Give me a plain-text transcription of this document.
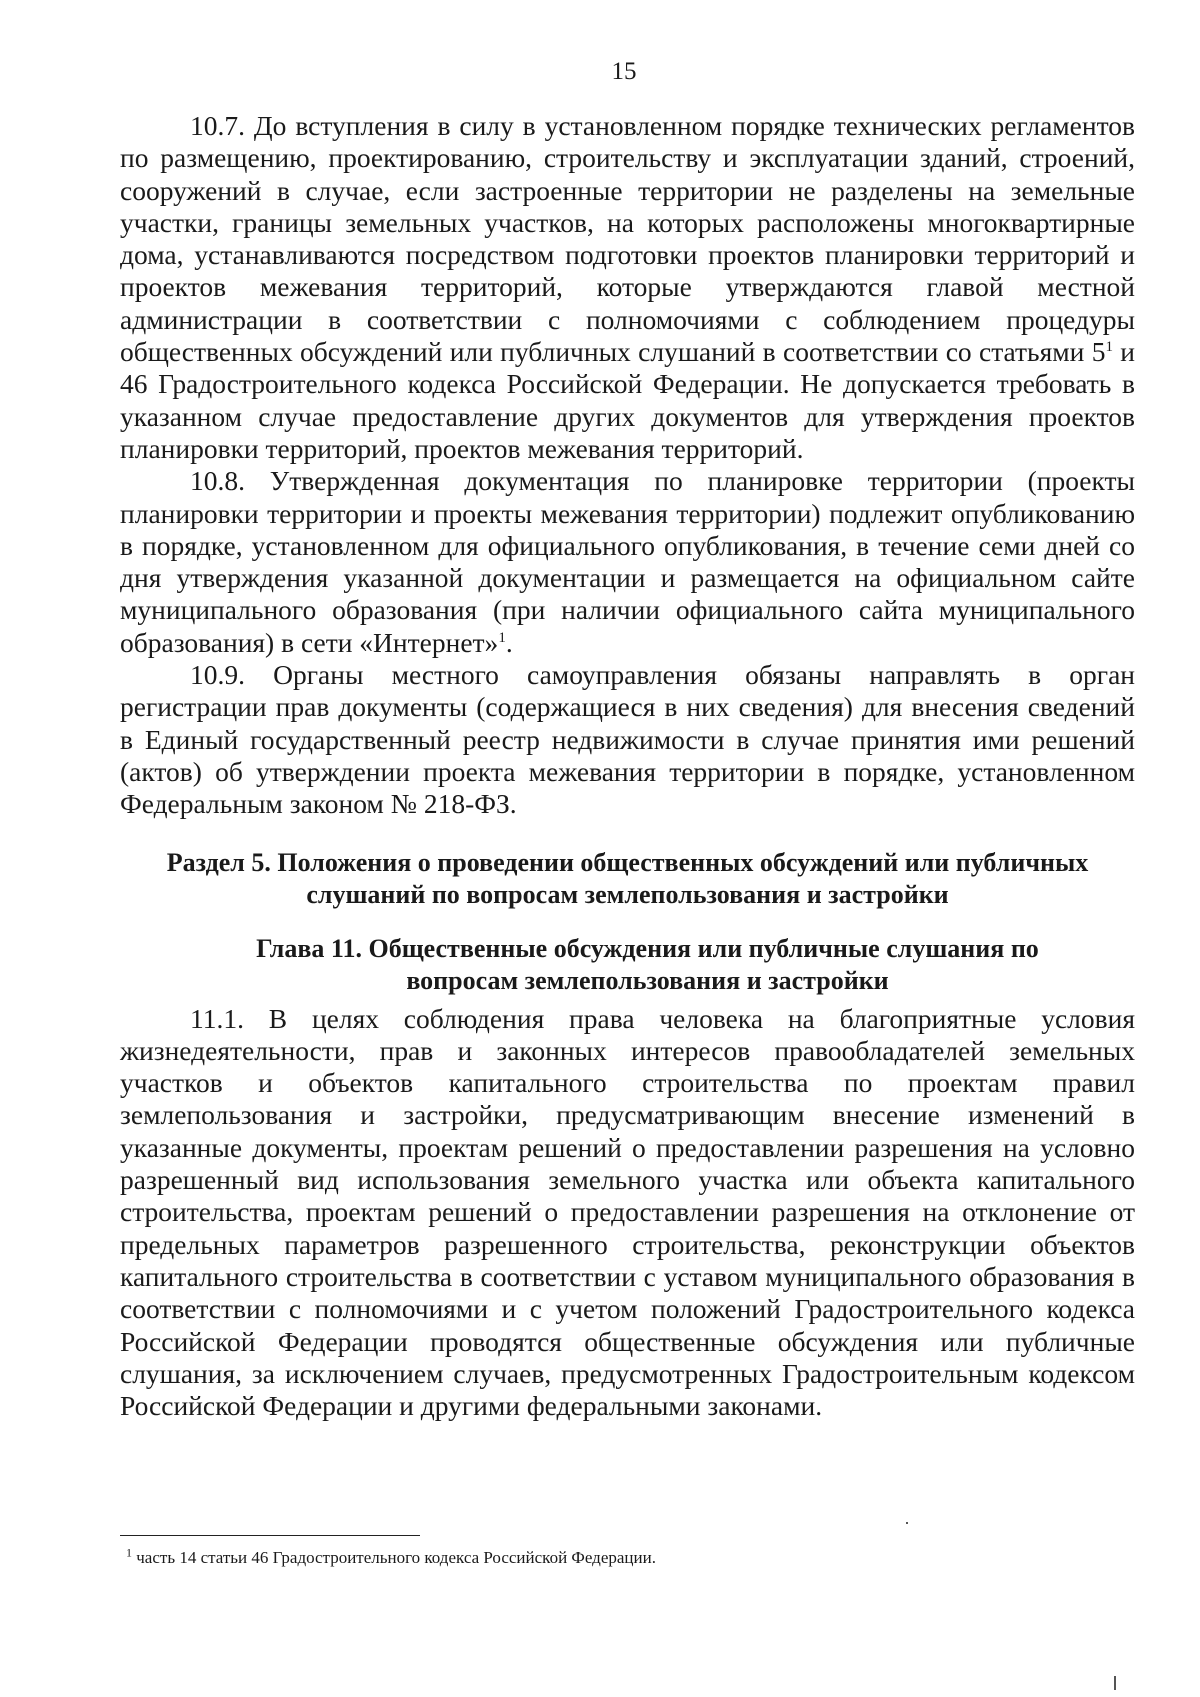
15

10.7. До вступления в силу в установленном порядке технических регламентов по размещению, проектированию, строительству и эксплуатации зданий, строений, сооружений в случае, если застроенные территории не разделены на земельные участки, границы земельных участков, на которых расположены многоквартирные дома, устанавливаются посредством подготовки проектов планировки территорий и проектов межевания территорий, которые утверждаются главой местной администрации в соответствии с полномочиями с соблюдением процедуры общественных обсуждений или публичных слушаний в соответствии со статьями $5^1$ и 46 Градостроительного кодекса Российской Федерации. Не допускается требовать в указанном случае предоставление других документов для утверждения проектов планировки территорий, проектов межевания территорий.

10.8. Утвержденная документация по планировке территории (проекты планировки территории и проекты межевания территории) подлежит опубликованию в порядке, установленном для официального опубликования, в течение семи дней со дня утверждения указанной документации и размещается на официальном сайте муниципального образования (при наличии официального сайта муниципального образования) в сети «Интернет»$^1$.

10.9. Органы местного самоуправления обязаны направлять в орган регистрации прав документы (содержащиеся в них сведения) для внесения сведений в Единый государственный реестр недвижимости в случае принятия ими решений (актов) об утверждении проекта межевания территории в порядке, установленном Федеральным законом № 218-ФЗ.

Раздел 5. Положения о проведении общественных обсуждений или публичных
слушаний по вопросам землепользования и застройки
Глава 11. Общественные обсуждения или публичные слушания по
вопросам землепользования и застройки

11.1. В целях соблюдения права человека на благоприятные условия жизнедеятельности, прав и законных интересов правообладателей земельных участков и объектов капитального строительства по проектам правил землепользования и застройки, предусматривающим внесение изменений в указанные документы, проектам решений о предоставлении разрешения на условно разрешенный вид использования земельного участка или объекта капитального строительства, проектам решений о предоставлении разрешения на отклонение от предельных параметров разрешенного строительства, реконструкции объектов капитального строительства в соответствии с уставом муниципального образования в соответствии с полномочиями и с учетом положений Градостроительного кодекса Российской Федерации проводятся общественные обсуждения или публичные слушания, за исключением случаев, предусмотренных Градостроительным кодексом Российской Федерации и другими федеральными законами.

$^1$ часть 14 статьи 46 Градостроительного кодекса Российской Федерации.
